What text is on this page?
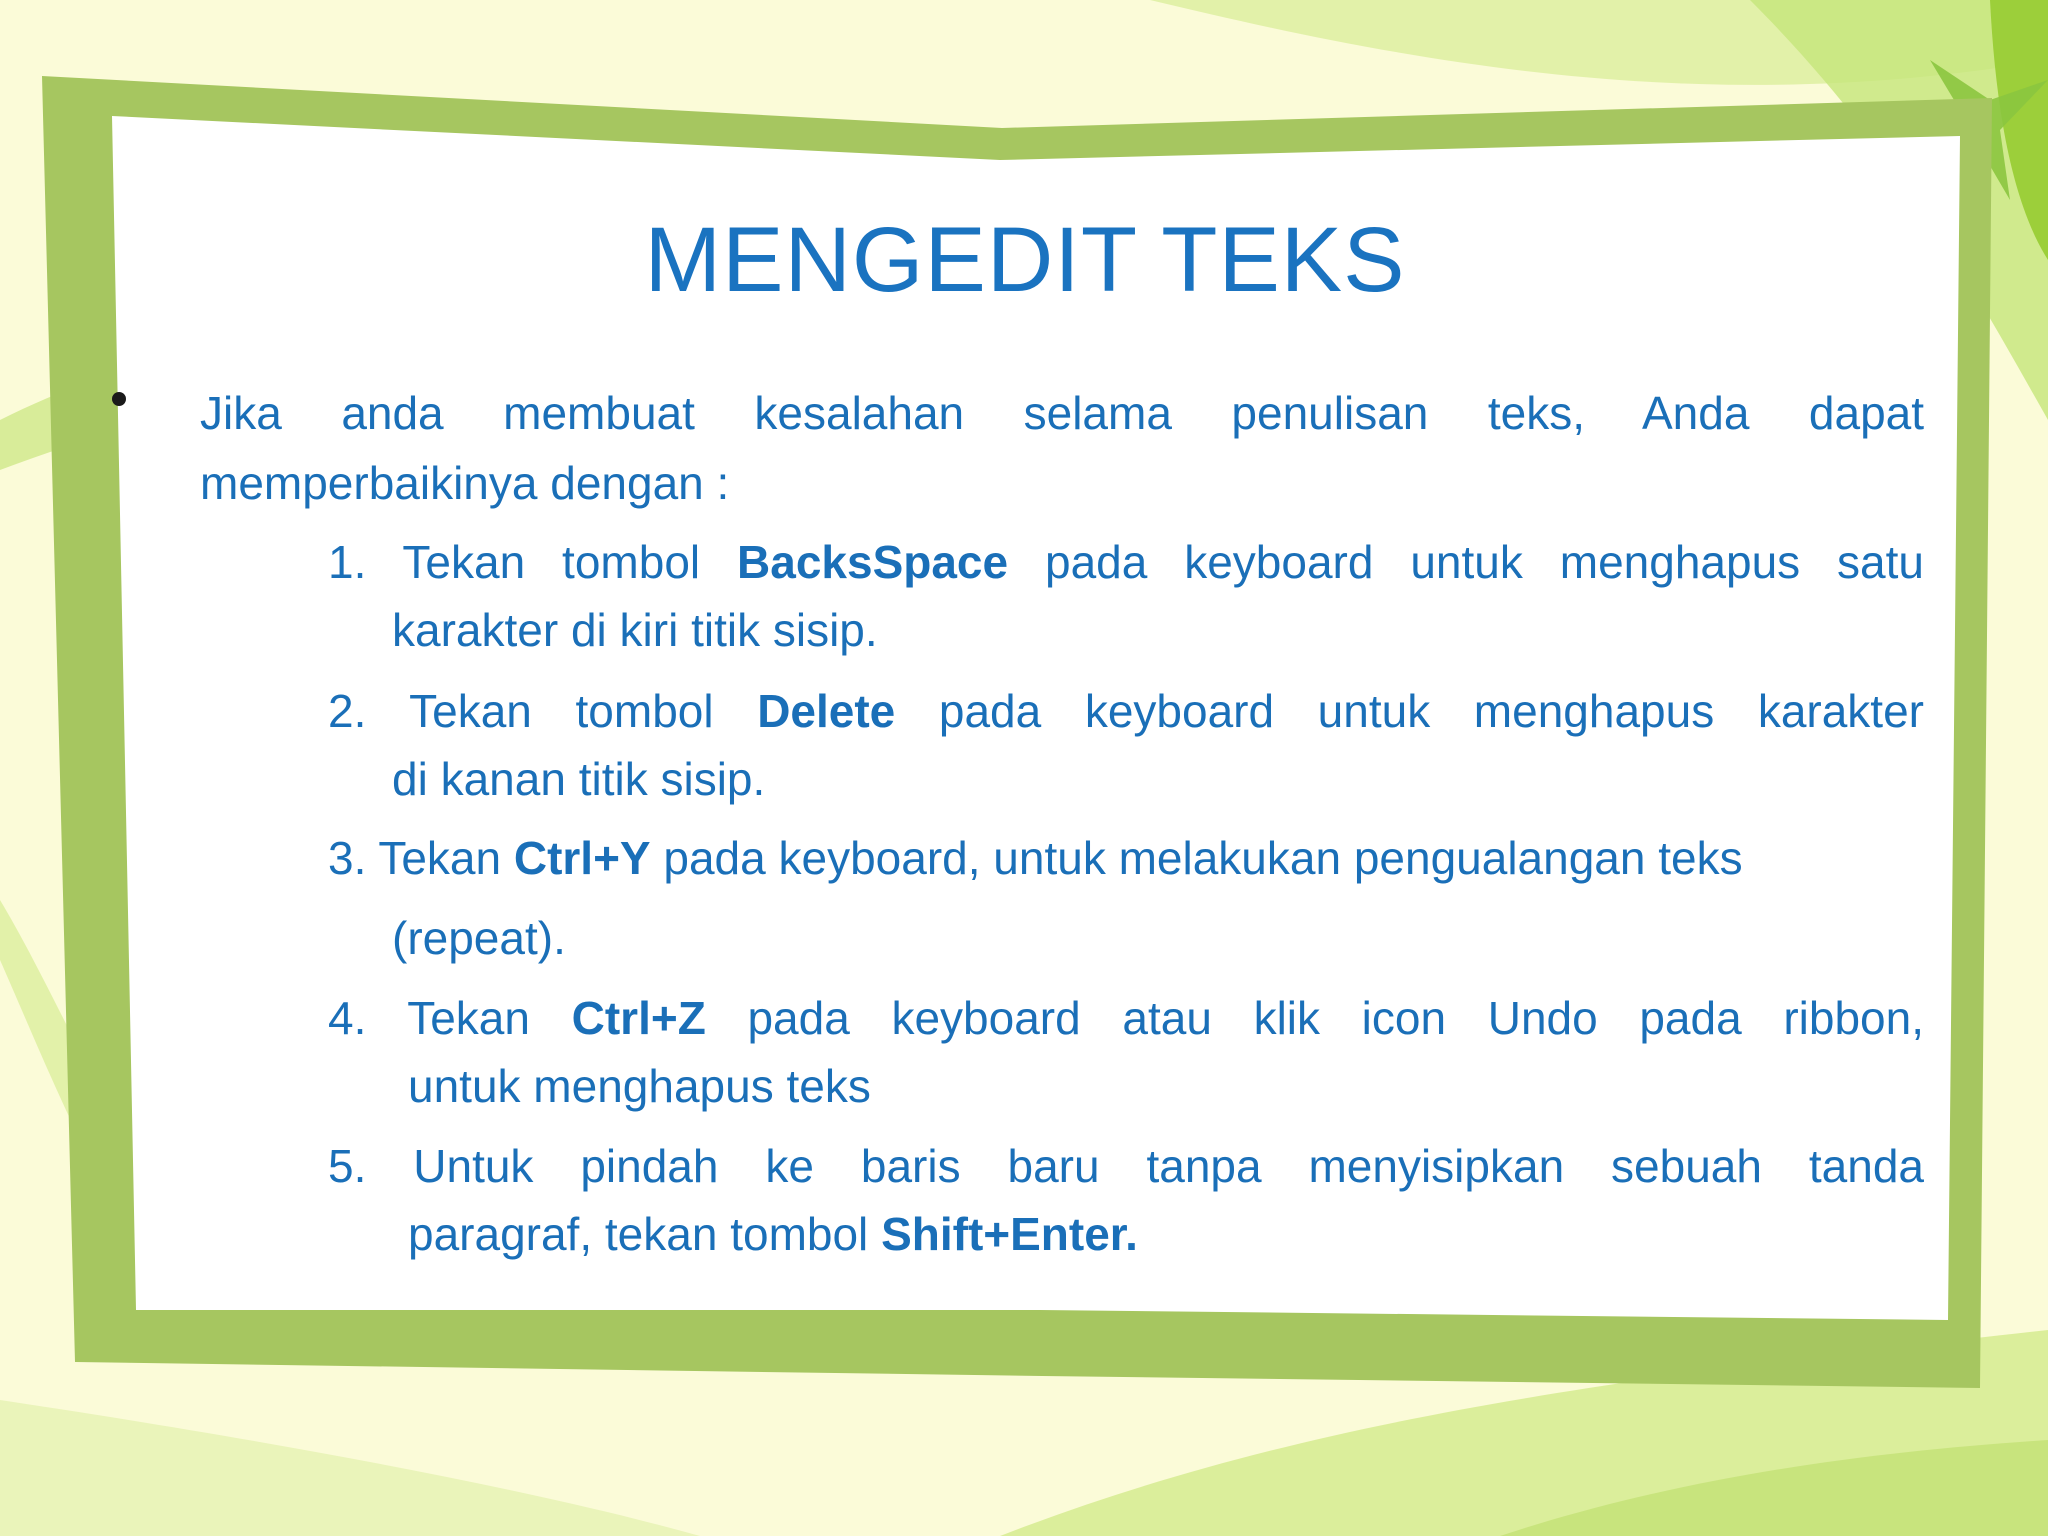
MENGEDIT TEKS
Jika anda membuat kesalahan selama penulisan teks, Anda dapat
memperbaikinya dengan :
1. Tekan tombol BacksSpace pada keyboard untuk menghapus satu
karakter di kiri titik sisip.
2. Tekan tombol Delete pada keyboard untuk menghapus karakter
di kanan titik sisip.
3. Tekan Ctrl+Y pada keyboard, untuk melakukan pengualangan teks
(repeat).
4. Tekan Ctrl+Z pada keyboard atau klik icon Undo pada ribbon,
untuk menghapus teks
5. Untuk pindah ke baris baru tanpa menyisipkan sebuah tanda
paragraf, tekan tombol Shift+Enter.
